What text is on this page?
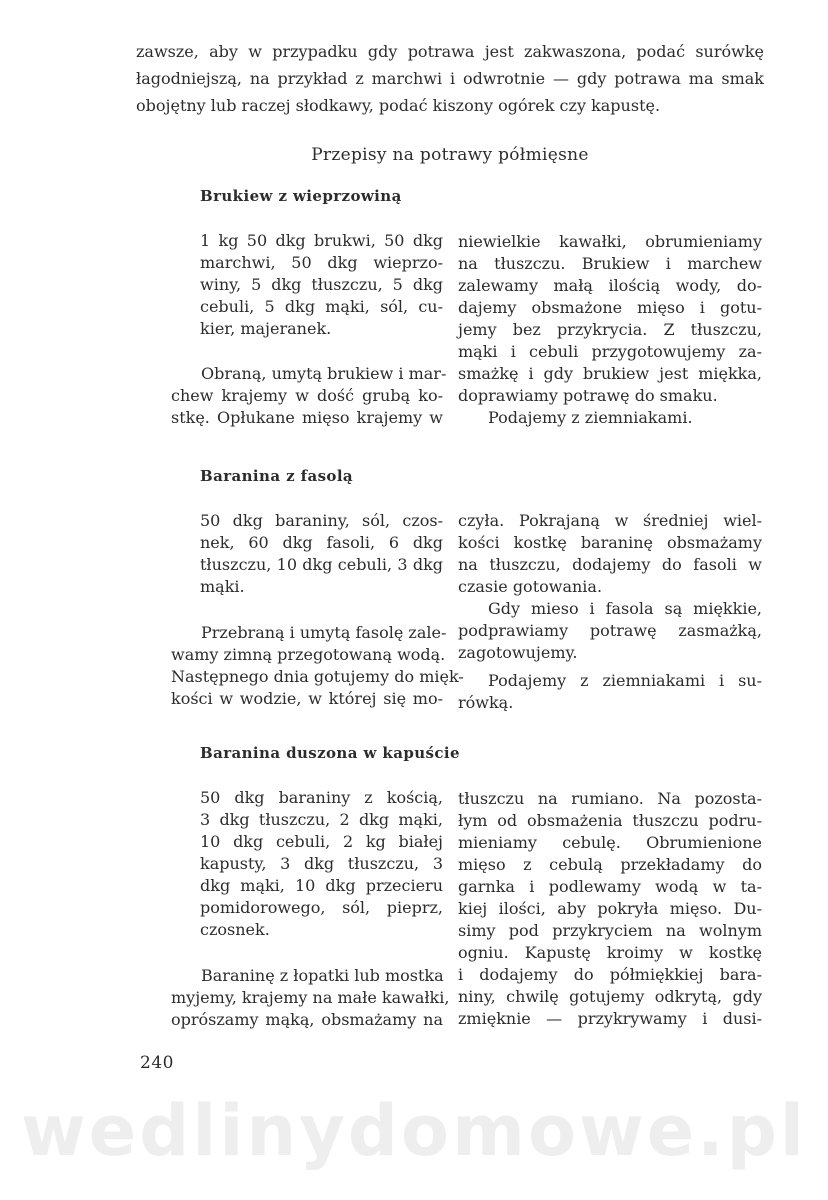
zawsze, aby w przypadku gdy potrawa jest zakwaszona, podać surówkę
łagodniejszą, na przykład z marchwi i odwrotnie — gdy potrawa ma smak
obojętny lub raczej słodkawy, podać kiszony ogórek czy kapustę.
Przepisy na potrawy półmięsne
Brukiew z wieprzowiną
1 kg 50 dkg brukwi, 50 dkg
marchwi, 50 dkg wieprzo-
winy, 5 dkg tłuszczu, 5 dkg
cebuli, 5 dkg mąki, sól, cu-
kier, majeranek.
Obraną, umytą brukiew i mar-
chew krajemy w dość grubą ko-
stkę. Opłukane mięso krajemy w
niewielkie kawałki, obrumieniamy
na tłuszczu. Brukiew i marchew
zalewamy małą ilością wody, do-
dajemy obsmażone mięso i gotu-
jemy bez przykrycia. Z tłuszczu,
mąki i cebuli przygotowujemy za-
smażkę i gdy brukiew jest miękka,
doprawiamy potrawę do smaku.
Podajemy z ziemniakami.
Baranina z fasolą
50 dkg baraniny, sól, czos-
nek, 60 dkg fasoli, 6 dkg
tłuszczu, 10 dkg cebuli, 3 dkg
mąki.
Przebraną i umytą fasolę zale-
wamy zimną przegotowaną wodą.
Następnego dnia gotujemy do mięk-
kości w wodzie, w której się mo-
czyła. Pokrajaną w średniej wiel-
kości kostkę baraninę obsmażamy
na tłuszczu, dodajemy do fasoli w
czasie gotowania.
Gdy mieso i fasola są miękkie,
podprawiamy potrawę zasmażką,
zagotowujemy.
Podajemy z ziemniakami i su-
rówką.
Baranina duszona w kapuście
50 dkg baraniny z kością,
3 dkg tłuszczu, 2 dkg mąki,
10 dkg cebuli, 2 kg białej
kapusty, 3 dkg tłuszczu, 3
dkg mąki, 10 dkg przecieru
pomidorowego, sól, pieprz,
czosnek.
Baraninę z łopatki lub mostka
myjemy, krajemy na małe kawałki,
oprószamy mąką, obsmażamy na
tłuszczu na rumiano. Na pozosta-
łym od obsmażenia tłuszczu podru-
mieniamy cebulę. Obrumienione
mięso z cebulą przekładamy do
garnka i podlewamy wodą w ta-
kiej ilości, aby pokryła mięso. Du-
simy pod przykryciem na wolnym
ogniu. Kapustę kroimy w kostkę
i dodajemy do półmiękkiej bara-
niny, chwilę gotujemy odkrytą, gdy
zmięknie — przykrywamy i dusi-
240
wedlinydomowe.pl
